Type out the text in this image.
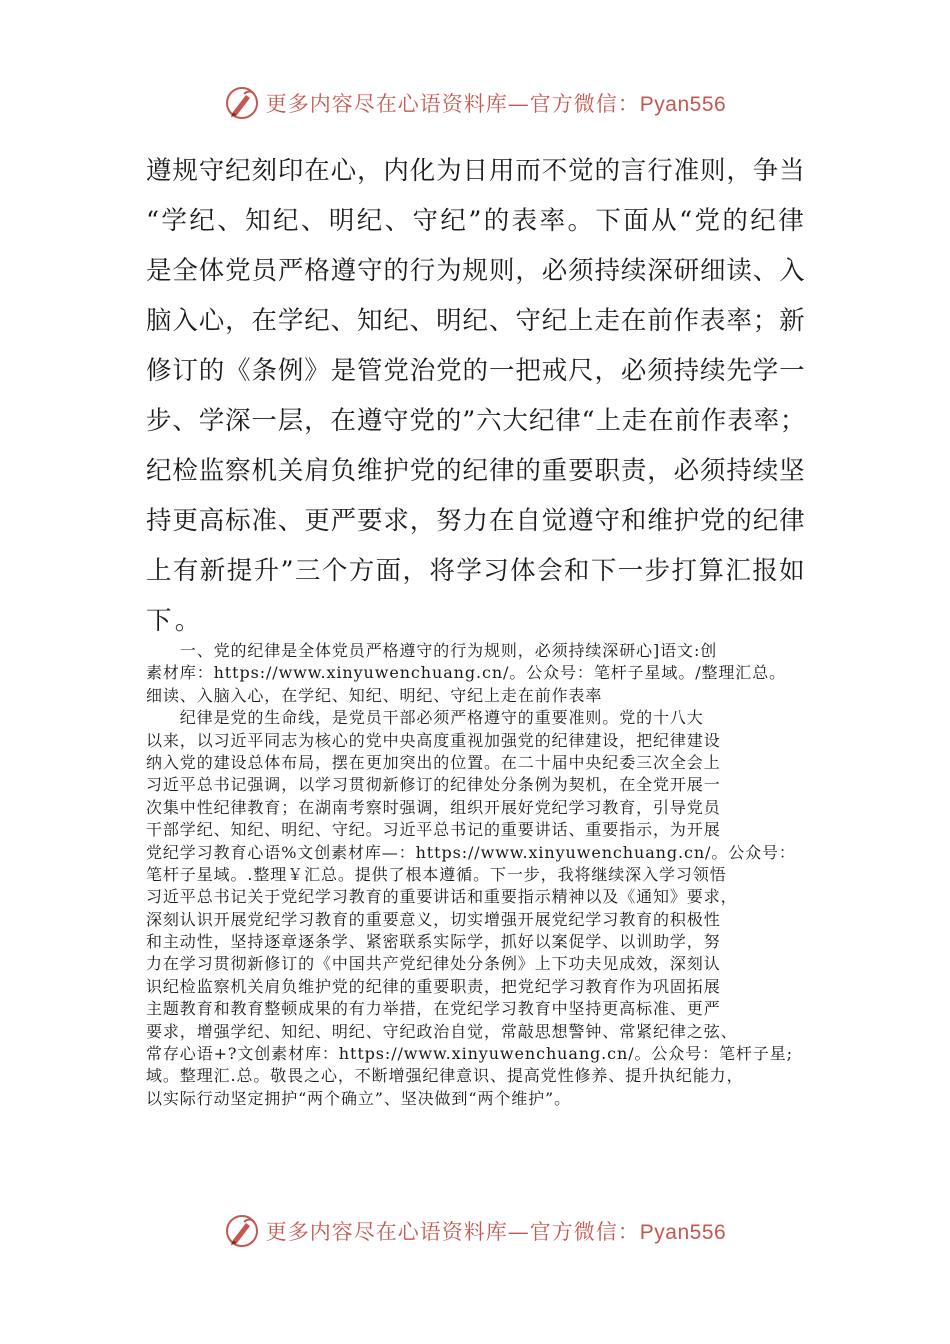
更多内容尽在心语资料库—官方微信：Pyan556
遵规守纪刻印在心，内化为日用而不觉的言行准则，争当
“学纪、知纪、明纪、守纪”的表率。下面从“党的纪律
是全体党员严格遵守的行为规则，必须持续深研细读、入
脑入心，在学纪、知纪、明纪、守纪上走在前作表率；新
修订的《条例》是管党治党的一把戒尺，必须持续先学一
步、学深一层，在遵守党的”六大纪律“上走在前作表率；
纪检监察机关肩负维护党的纪律的重要职责，必须持续坚
持更高标准、更严要求，努力在自觉遵守和维护党的纪律
上有新提升”三个方面，将学习体会和下一步打算汇报如
下。
　　一、党的纪律是全体党员严格遵守的行为规则，必须持续深研心]语文:创
素材库：https://www.xinyuwenchuang.cn/。公众号：笔杆子星域。/整理汇总。
细读、入脑入心，在学纪、知纪、明纪、守纪上走在前作表率
　　纪律是党的生命线，是党员干部必须严格遵守的重要准则。党的十八大
以来，以习近平同志为核心的党中央高度重视加强党的纪律建设，把纪律建设
纳入党的建设总体布局，摆在更加突出的位置。在二十届中央纪委三次全会上
习近平总书记强调，以学习贯彻新修订的纪律处分条例为契机，在全党开展一
次集中性纪律教育；在湖南考察时强调，组织开展好党纪学习教育，引导党员
干部学纪、知纪、明纪、守纪。习近平总书记的重要讲话、重要指示，为开展
党纪学习教育心语%文创素材库—：https://www.xinyuwenchuang.cn/。公众号：
笔杆子星域。.整理￥汇总。提供了根本遵循。下一步，我将继续深入学习领悟
习近平总书记关于党纪学习教育的重要讲话和重要指示精神以及《通知》要求，
深刻认识开展党纪学习教育的重要意义，切实增强开展党纪学习教育的积极性
和主动性，坚持逐章逐条学、紧密联系实际学，抓好以案促学、以训助学，努
力在学习贯彻新修订的《中国共产党纪律处分条例》上下功夫见成效，深刻认
识纪检监察机关肩负维护党的纪律的重要职责，把党纪学习教育作为巩固拓展
主题教育和教育整顿成果的有力举措，在党纪学习教育中坚持更高标准、更严
要求，增强学纪、知纪、明纪、守纪政治自觉，常敲思想警钟、常紧纪律之弦、
常存心语+?文创素材库：https://www.xinyuwenchuang.cn/。公众号：笔杆子星;
域。整理汇.总。敬畏之心，不断增强纪律意识、提高党性修养、提升执纪能力，
以实际行动坚定拥护“两个确立”、坚决做到“两个维护”。
更多内容尽在心语资料库—官方微信：Pyan556
